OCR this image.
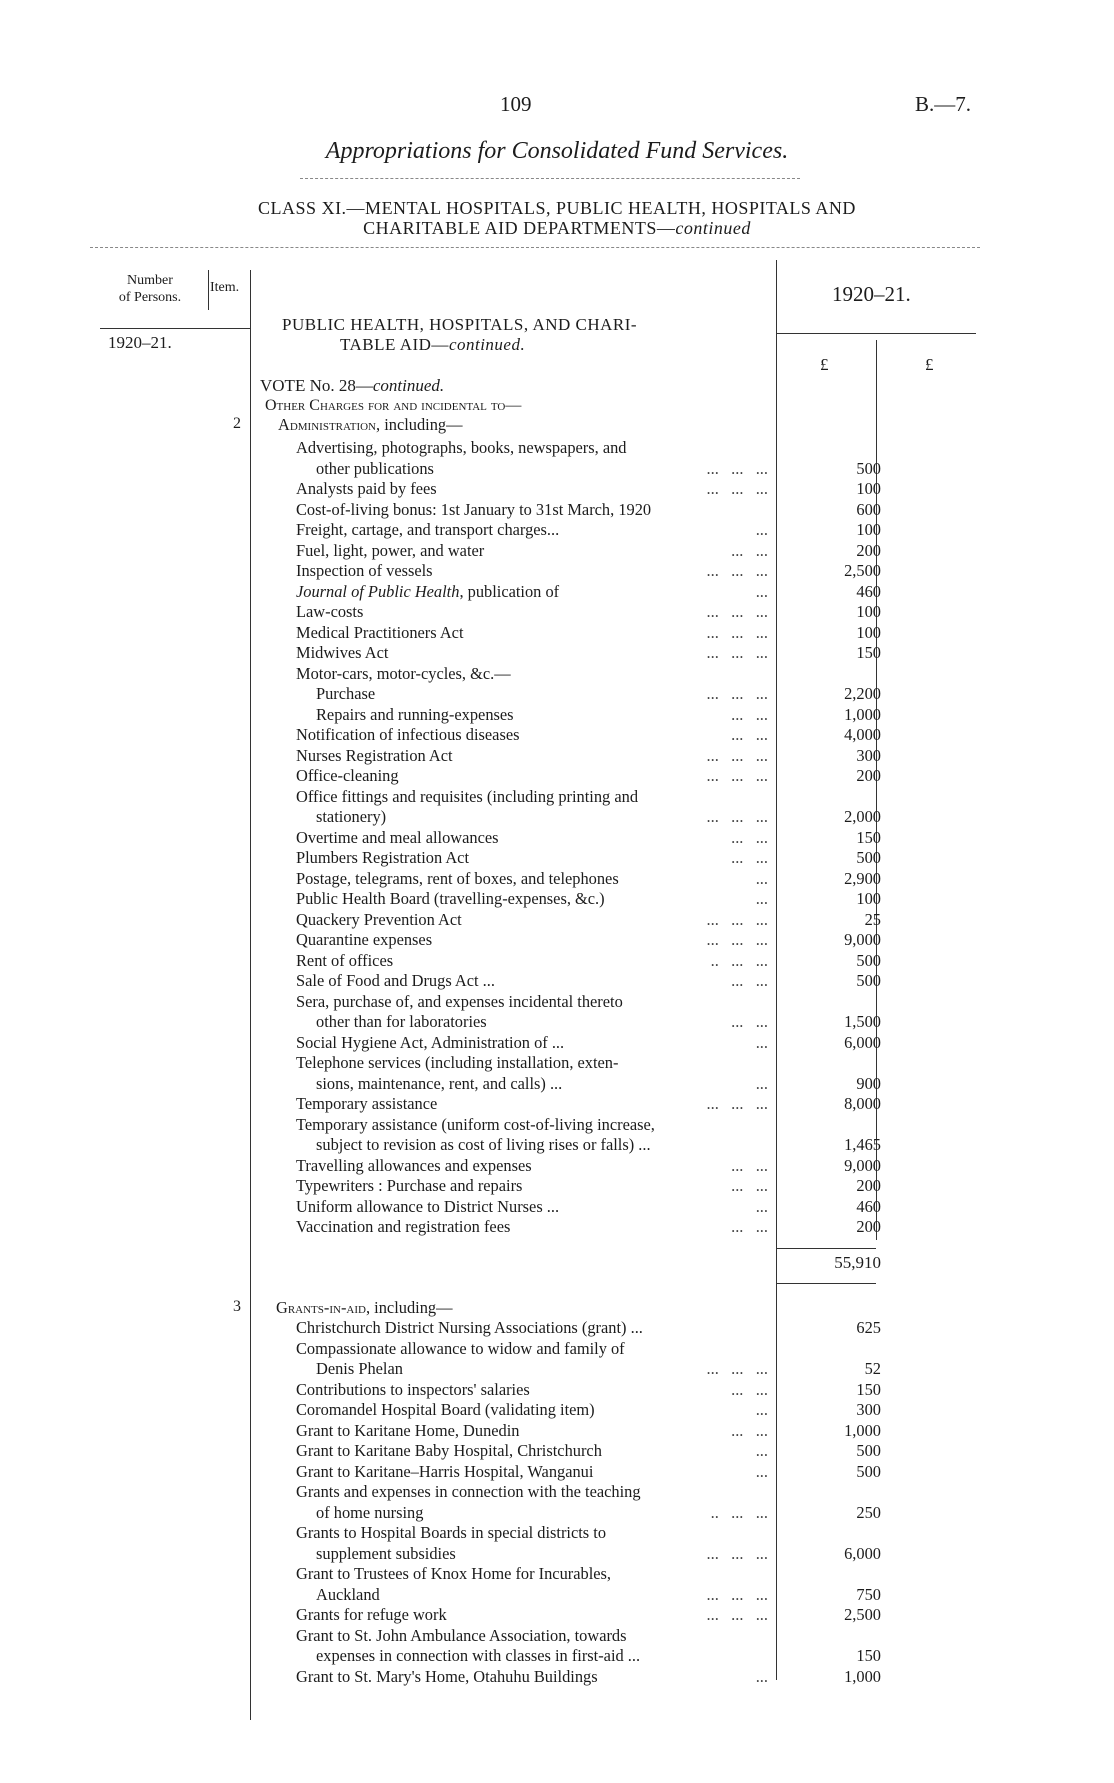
109	B.—7.
Appropriations for Consolidated Fund Services.
CLASS XI.—MENTAL HOSPITALS, PUBLIC HEALTH, HOSPITALS AND
CHARITABLE AID DEPARTMENTS—continued
Number
of Persons.
Item.
1920–21.
1920–21.
£	£
PUBLIC HEALTH, HOSPITALS, AND CHARI-
TABLE AID—continued.
VOTE No. 28—continued.
Other Charges for and incidental to—
2	Administration, including—
Advertising, photographs, books, newspapers, and
other publications	...   ...   ...	500
Analysts paid by fees	...   ...   ...	100
Cost-of-living bonus: 1st January to 31st March, 1920	600
Freight, cartage, and transport charges...	...	100
Fuel, light, power, and water	...   ...	200
Inspection of vessels	...   ...   ...	2,500
Journal of Public Health, publication of	...	460
Law-costs	...   ...   ...	100
Medical Practitioners Act	...   ...   ...	100
Midwives Act	...   ...   ...	150
Motor-cars, motor-cycles, &c.—
Purchase	...   ...   ...	2,200
Repairs and running-expenses	...   ...	1,000
Notification of infectious diseases	...   ...	4,000
Nurses Registration Act	...   ...   ...	300
Office-cleaning	...   ...   ...	200
Office fittings and requisites (including printing and
stationery)	...   ...   ...	2,000
Overtime and meal allowances	...   ...	150
Plumbers Registration Act	...   ...	500
Postage, telegrams, rent of boxes, and telephones	...	2,900
Public Health Board (travelling-expenses, &c.)	...	100
Quackery Prevention Act	...   ...   ...	25
Quarantine expenses	...   ...   ...	9,000
Rent of offices	..   ...   ...	500
Sale of Food and Drugs Act ...	...   ...	500
Sera, purchase of, and expenses incidental thereto
other than for laboratories	...   ...	1,500
Social Hygiene Act, Administration of ...	...	6,000
Telephone services (including installation, exten-
sions, maintenance, rent, and calls) ...	...	900
Temporary assistance	...   ...   ...	8,000
Temporary assistance (uniform cost-of-living increase,
subject to revision as cost of living rises or falls) ...	1,465
Travelling allowances and expenses	...   ...	9,000
Typewriters : Purchase and repairs	...   ...	200
Uniform allowance to District Nurses ...	...	460
Vaccination and registration fees	...   ...	200
55,910
3	Grants-in-aid, including—
Christchurch District Nursing Associations (grant) ...	625
Compassionate allowance to widow and family of
Denis Phelan	...   ...   ...	52
Contributions to inspectors' salaries	...   ...	150
Coromandel Hospital Board (validating item)	...	300
Grant to Karitane Home, Dunedin	...   ...	1,000
Grant to Karitane Baby Hospital, Christchurch	...	500
Grant to Karitane–Harris Hospital, Wanganui	...	500
Grants and expenses in connection with the teaching
of home nursing	..   ...   ...	250
Grants to Hospital Boards in special districts to
supplement subsidies	...   ...   ...	6,000
Grant to Trustees of Knox Home for Incurables,
Auckland	...   ...   ...	750
Grants for refuge work	...   ...   ...	2,500
Grant to St. John Ambulance Association, towards
expenses in connection with classes in first-aid ...	150
Grant to St. Mary's Home, Otahuhu Buildings	...	1,000
